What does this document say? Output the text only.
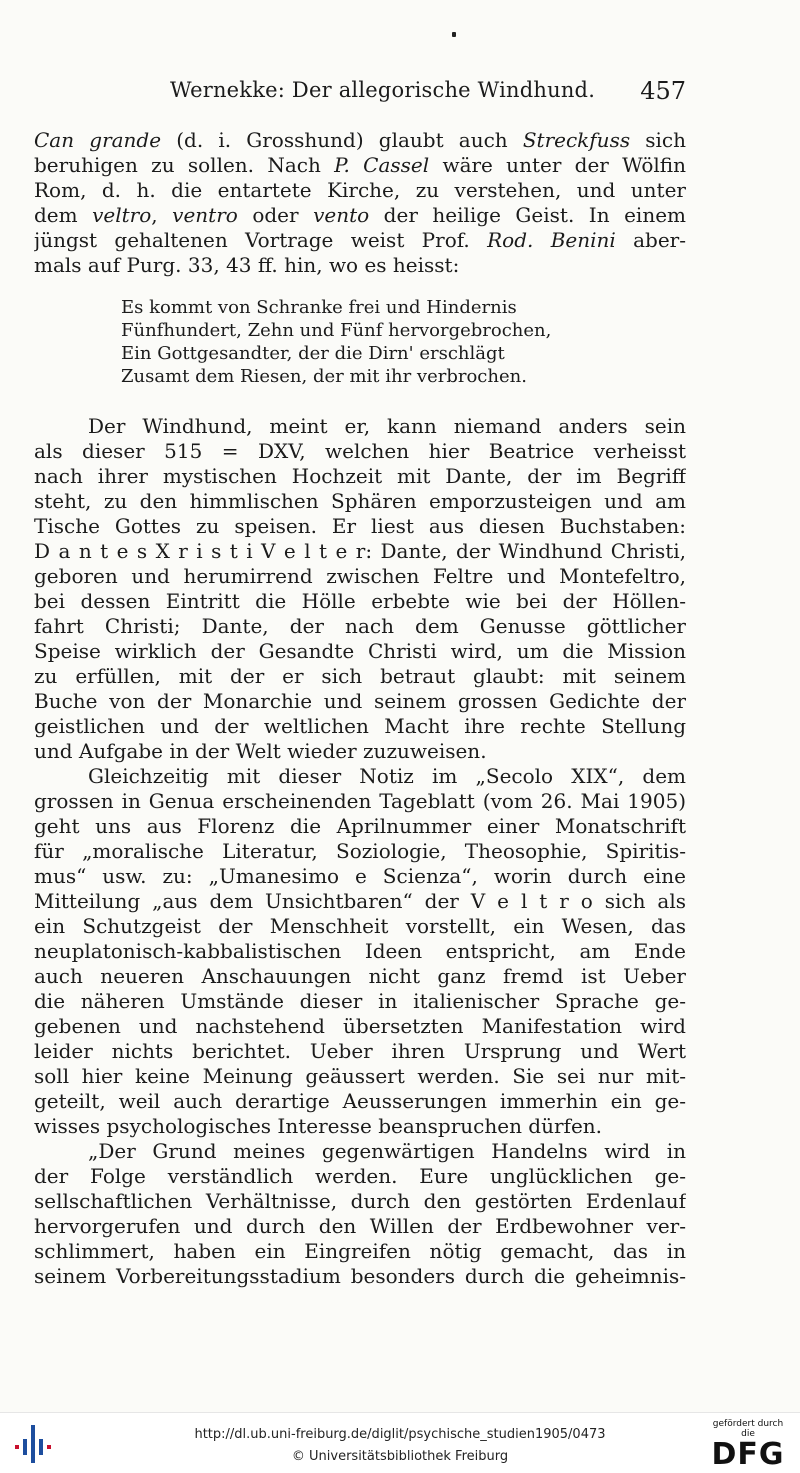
Wernekke: Der allegorische Windhund. 457
Can grande (d. i. Grosshund) glaubt auch Streckfuss sich
beruhigen zu sollen. Nach P. Cassel wäre unter der Wölfin
Rom, d. h. die entartete Kirche, zu verstehen, und unter
dem veltro, ventro oder vento der heilige Geist. In einem
jüngst gehaltenen Vortrage weist Prof. Rod. Benini aber-
mals auf Purg. 33, 43 ff. hin, wo es heisst:
Es kommt von Schranke frei und Hindernis
Fünfhundert, Zehn und Fünf hervorgebrochen,
Ein Gottgesandter, der die Dirn' erschlägt
Zusamt dem Riesen, der mit ihr verbrochen.
Der Windhund, meint er, kann niemand anders sein
als dieser 515 = DXV, welchen hier Beatrice verheisst
nach ihrer mystischen Hochzeit mit Dante, der im Begriff
steht, zu den himmlischen Sphären emporzusteigen und am
Tische Gottes zu speisen. Er liest aus diesen Buchstaben:
D a n t e s X r i s t i V e l t e r: Dante, der Windhund Christi,
geboren und herumirrend zwischen Feltre und Montefeltro,
bei dessen Eintritt die Hölle erbebte wie bei der Höllen-
fahrt Christi; Dante, der nach dem Genusse göttlicher
Speise wirklich der Gesandte Christi wird, um die Mission
zu erfüllen, mit der er sich betraut glaubt: mit seinem
Buche von der Monarchie und seinem grossen Gedichte der
geistlichen und der weltlichen Macht ihre rechte Stellung
und Aufgabe in der Welt wieder zuzuweisen.
Gleichzeitig mit dieser Notiz im „Secolo XIX“, dem
grossen in Genua erscheinenden Tageblatt (vom 26. Mai 1905)
geht uns aus Florenz die Aprilnummer einer Monatschrift
für „moralische Literatur, Soziologie, Theosophie, Spiritis-
mus“ usw. zu: „Umanesimo e Scienza“, worin durch eine
Mitteilung „aus dem Unsichtbaren“ der V e l t r o sich als
ein Schutzgeist der Menschheit vorstellt, ein Wesen, das
neuplatonisch-kabbalistischen Ideen entspricht, am Ende
auch neueren Anschauungen nicht ganz fremd ist Ueber
die näheren Umstände dieser in italienischer Sprache ge-
gebenen und nachstehend übersetzten Manifestation wird
leider nichts berichtet. Ueber ihren Ursprung und Wert
soll hier keine Meinung geäussert werden. Sie sei nur mit-
geteilt, weil auch derartige Aeusserungen immerhin ein ge-
wisses psychologisches Interesse beanspruchen dürfen.
„Der Grund meines gegenwärtigen Handelns wird in
der Folge verständlich werden. Eure unglücklichen ge-
sellschaftlichen Verhältnisse, durch den gestörten Erdenlauf
hervorgerufen und durch den Willen der Erdbewohner ver-
schlimmert, haben ein Eingreifen nötig gemacht, das in
seinem Vorbereitungsstadium besonders durch die geheimnis-
http://dl.ub.uni-freiburg.de/diglit/psychische_studien1905/0473
© Universitätsbibliothek Freiburg
gefördert durch die
DFG
